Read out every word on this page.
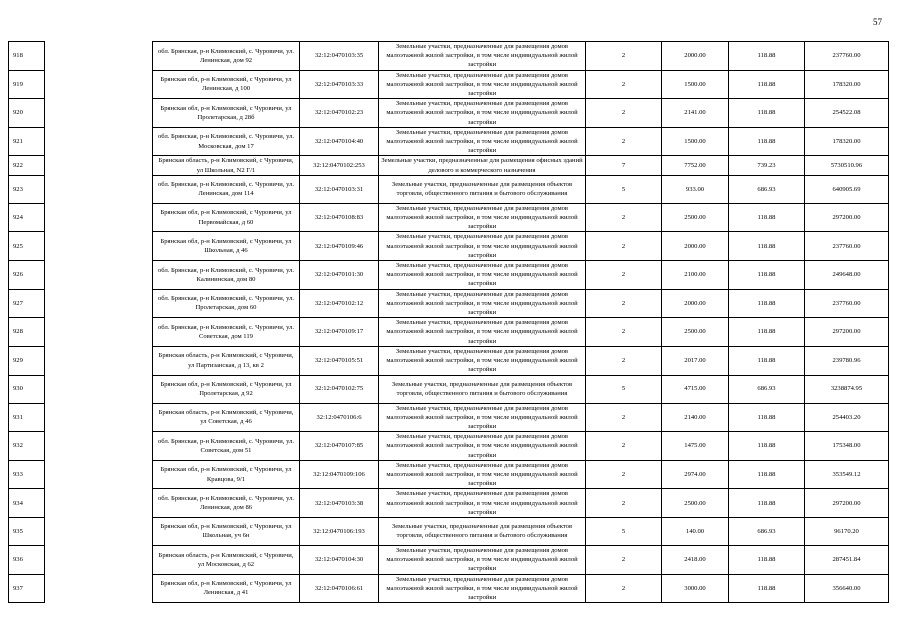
57
918		обл. Брянская, р-н Климовский, с. Чуровичи, ул. Ленинская, дом 92	32:12:0470103:35	Земельные участки, предназначенные для размещения домов малоэтажной жилой застройки, в том числе индивидуальной жилой застройки	2	2000.00	118.88	237760.00
919		Брянская обл, р-н Климовский, с Чуровичи, ул Ленинская, д 100	32:12:0470103:33	Земельные участки, предназначенные для размещения домов малоэтажной жилой застройки, в том числе индивидуальной жилой застройки	2	1500.00	118.88	178320.00
920		Брянская обл, р-н Климовский, с Чуровичи, ул Пролетарская, д 28б	32:12:0470102:23	Земельные участки, предназначенные для размещения домов малоэтажной жилой застройки, в том числе индивидуальной жилой застройки	2	2141.00	118.88	254522.08
921		обл. Брянская, р-н Климовский, с. Чуровичи, ул. Московская, дом 17	32:12:0470104:40	Земельные участки, предназначенные для размещения домов малоэтажной жилой застройки, в том числе индивидуальной жилой застройки	2	1500.00	118.88	178320.00
922		Брянская область, р-н Климовский, с Чуровичи, ул Школьная, N2 Г/1	32:12:0470102:253	Земельные участки, предназначенные для размещения офисных зданий делового и коммерческого назначения	7	7752.00	739.23	5730510.96
923		обл. Брянская, р-н Климовский, с. Чуровичи, ул. Ленинская, дом 114	32:12:0470103:31	Земельные участки, предназначенные для размещения объектов торговли, общественного питания и бытового обслуживания	5	933.00	686.93	640905.69
924		Брянская обл, р-н Климовский, с Чуровичи, ул Первомайская, д 60	32:12:0470108:83	Земельные участки, предназначенные для размещения домов малоэтажной жилой застройки, в том числе индивидуальной жилой застройки	2	2500.00	118.88	297200.00
925		Брянская обл, р-н Климовский, с Чуровичи, ул Школьная, д 46	32:12:0470109:46	Земельные участки, предназначенные для размещения домов малоэтажной жилой застройки, в том числе индивидуальной жилой застройки	2	2000.00	118.88	237760.00
926		обл. Брянская, р-н Климовский, с. Чуровичи, ул. Калининская, дом 80	32:12:0470101:30	Земельные участки, предназначенные для размещения домов малоэтажной жилой застройки, в том числе индивидуальной жилой застройки	2	2100.00	118.88	249648.00
927		обл. Брянская, р-н Климовский, с. Чуровичи, ул. Пролетарская, дом 60	32:12:0470102:12	Земельные участки, предназначенные для размещения домов малоэтажной жилой застройки, в том числе индивидуальной жилой застройки	2	2000.00	118.88	237760.00
928		обл. Брянская, р-н Климовский, с. Чуровичи, ул. Советская, дом 119	32:12:0470109:17	Земельные участки, предназначенные для размещения домов малоэтажной жилой застройки, в том числе индивидуальной жилой застройки	2	2500.00	118.88	297200.00
929		Брянская область, р-н Климовский, с Чуровичи, ул Партизанская, д 13, кв 2	32:12:0470105:51	Земельные участки, предназначенные для размещения домов малоэтажной жилой застройки, в том числе индивидуальной жилой застройки	2	2017.00	118.88	239780.96
930		Брянская обл, р-н Климовский, с Чуровичи, ул Пролетарская, д 92	32:12:0470102:75	Земельные участки, предназначенные для размещения объектов торговли, общественного питания и бытового обслуживания	5	4715.00	686.93	3238874.95
931		Брянская область, р-н Климовский, с Чуровичи, ул Советская, д 46	32:12:0470106:6	Земельные участки, предназначенные для размещения домов малоэтажной жилой застройки, в том числе индивидуальной жилой застройки	2	2140.00	118.88	254403.20
932		обл. Брянская, р-н Климовский, с. Чуровичи, ул. Советская, дом 51	32:12:0470107:85	Земельные участки, предназначенные для размещения домов малоэтажной жилой застройки, в том числе индивидуальной жилой застройки	2	1475.00	118.88	175348.00
933		Брянская обл, р-н Климовский, с Чуровичи, ул Кравцова, 9/1	32:12:0470109:106	Земельные участки, предназначенные для размещения домов малоэтажной жилой застройки, в том числе индивидуальной жилой застройки	2	2974.00	118.88	353549.12
934		обл. Брянская, р-н Климовский, с. Чуровичи, ул. Ленинская, дом 86	32:12:0470103:38	Земельные участки, предназначенные для размещения домов малоэтажной жилой застройки, в том числе индивидуальной жилой застройки	2	2500.00	118.88	297200.00
935		Брянская обл, р-н Климовский, с Чуровичи, ул Школьная, уч 6н	32:12:0470106:193	Земельные участки, предназначенные для размещения объектов торговли, общественного питания и бытового обслуживания	5	140.00	686.93	96170.20
936		Брянская область, р-н Климовский, с Чуровичи, ул Московская, д 62	32:12:0470104:30	Земельные участки, предназначенные для размещения домов малоэтажной жилой застройки, в том числе индивидуальной жилой застройки	2	2418.00	118.88	287451.84
937		Брянская обл, р-н Климовский, с Чуровичи, ул Ленинская, д 41	32:12:0470106:61	Земельные участки, предназначенные для размещения домов малоэтажной жилой застройки, в том числе индивидуальной жилой застройки	2	3000.00	118.88	356640.00
